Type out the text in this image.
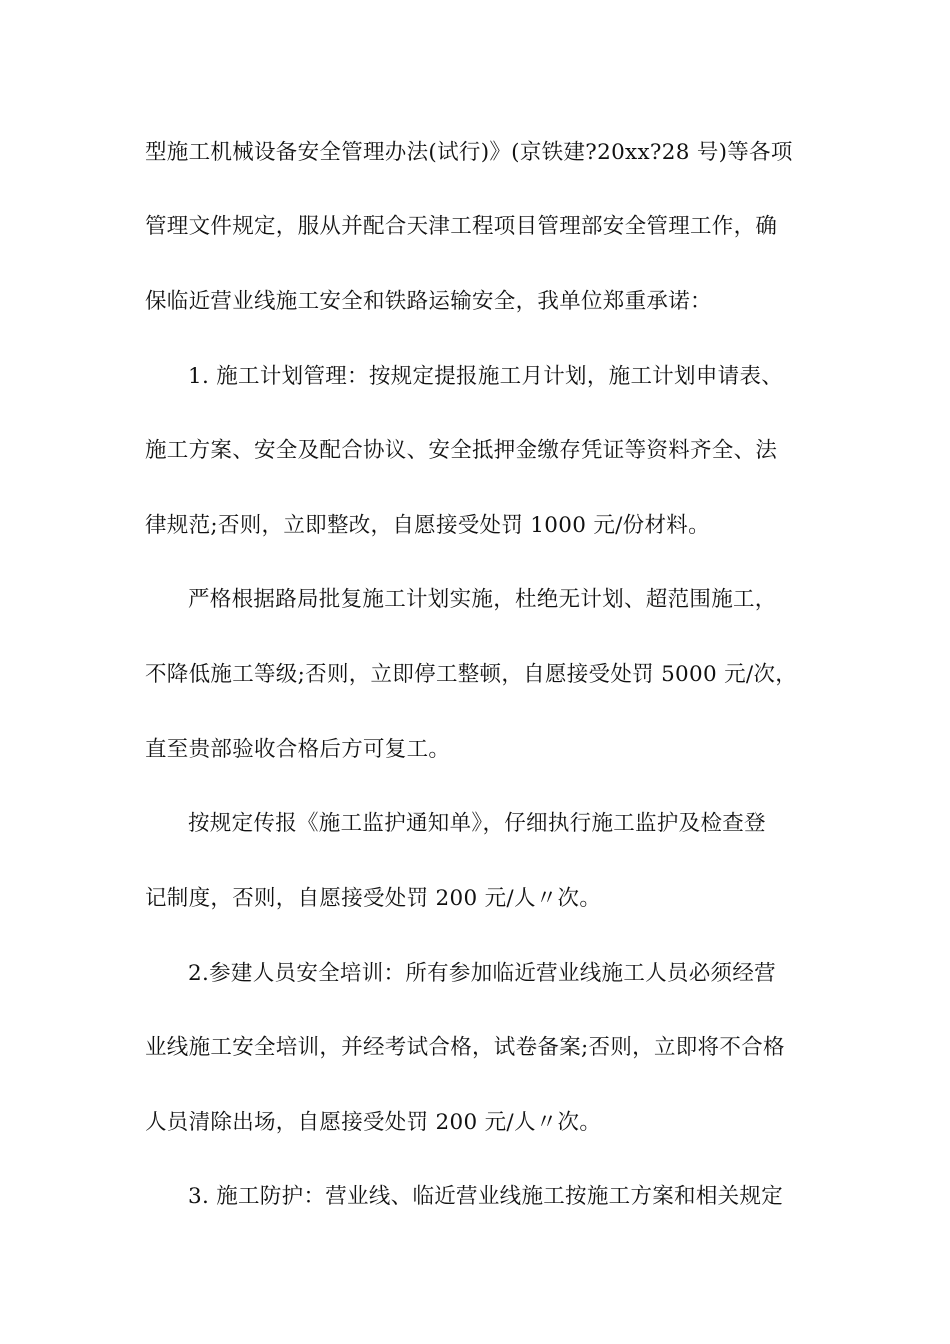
型施工机械设备安全管理办法(试行)》(京铁建?20xx?28 号)等各项
管理文件规定，服从并配合天津工程项目管理部安全管理工作，确
保临近营业线施工安全和铁路运输安全，我单位郑重承诺：
1. 施工计划管理：按规定提报施工月计划，施工计划申请表、
施工方案、安全及配合协议、安全抵押金缴存凭证等资料齐全、法
律规范;否则，立即整改，自愿接受处罚 1000 元/份材料。
严格根据路局批复施工计划实施，杜绝无计划、超范围施工，
不降低施工等级;否则，立即停工整顿，自愿接受处罚 5000 元/次，
直至贵部验收合格后方可复工。
按规定传报《施工监护通知单》，仔细执行施工监护及检查登
记制度，否则，自愿接受处罚 200 元/人〃次。
2.参建人员安全培训：所有参加临近营业线施工人员必须经营
业线施工安全培训，并经考试合格，试卷备案;否则，立即将不合格
人员清除出场，自愿接受处罚 200 元/人〃次。
3. 施工防护：营业线、临近营业线施工按施工方案和相关规定
